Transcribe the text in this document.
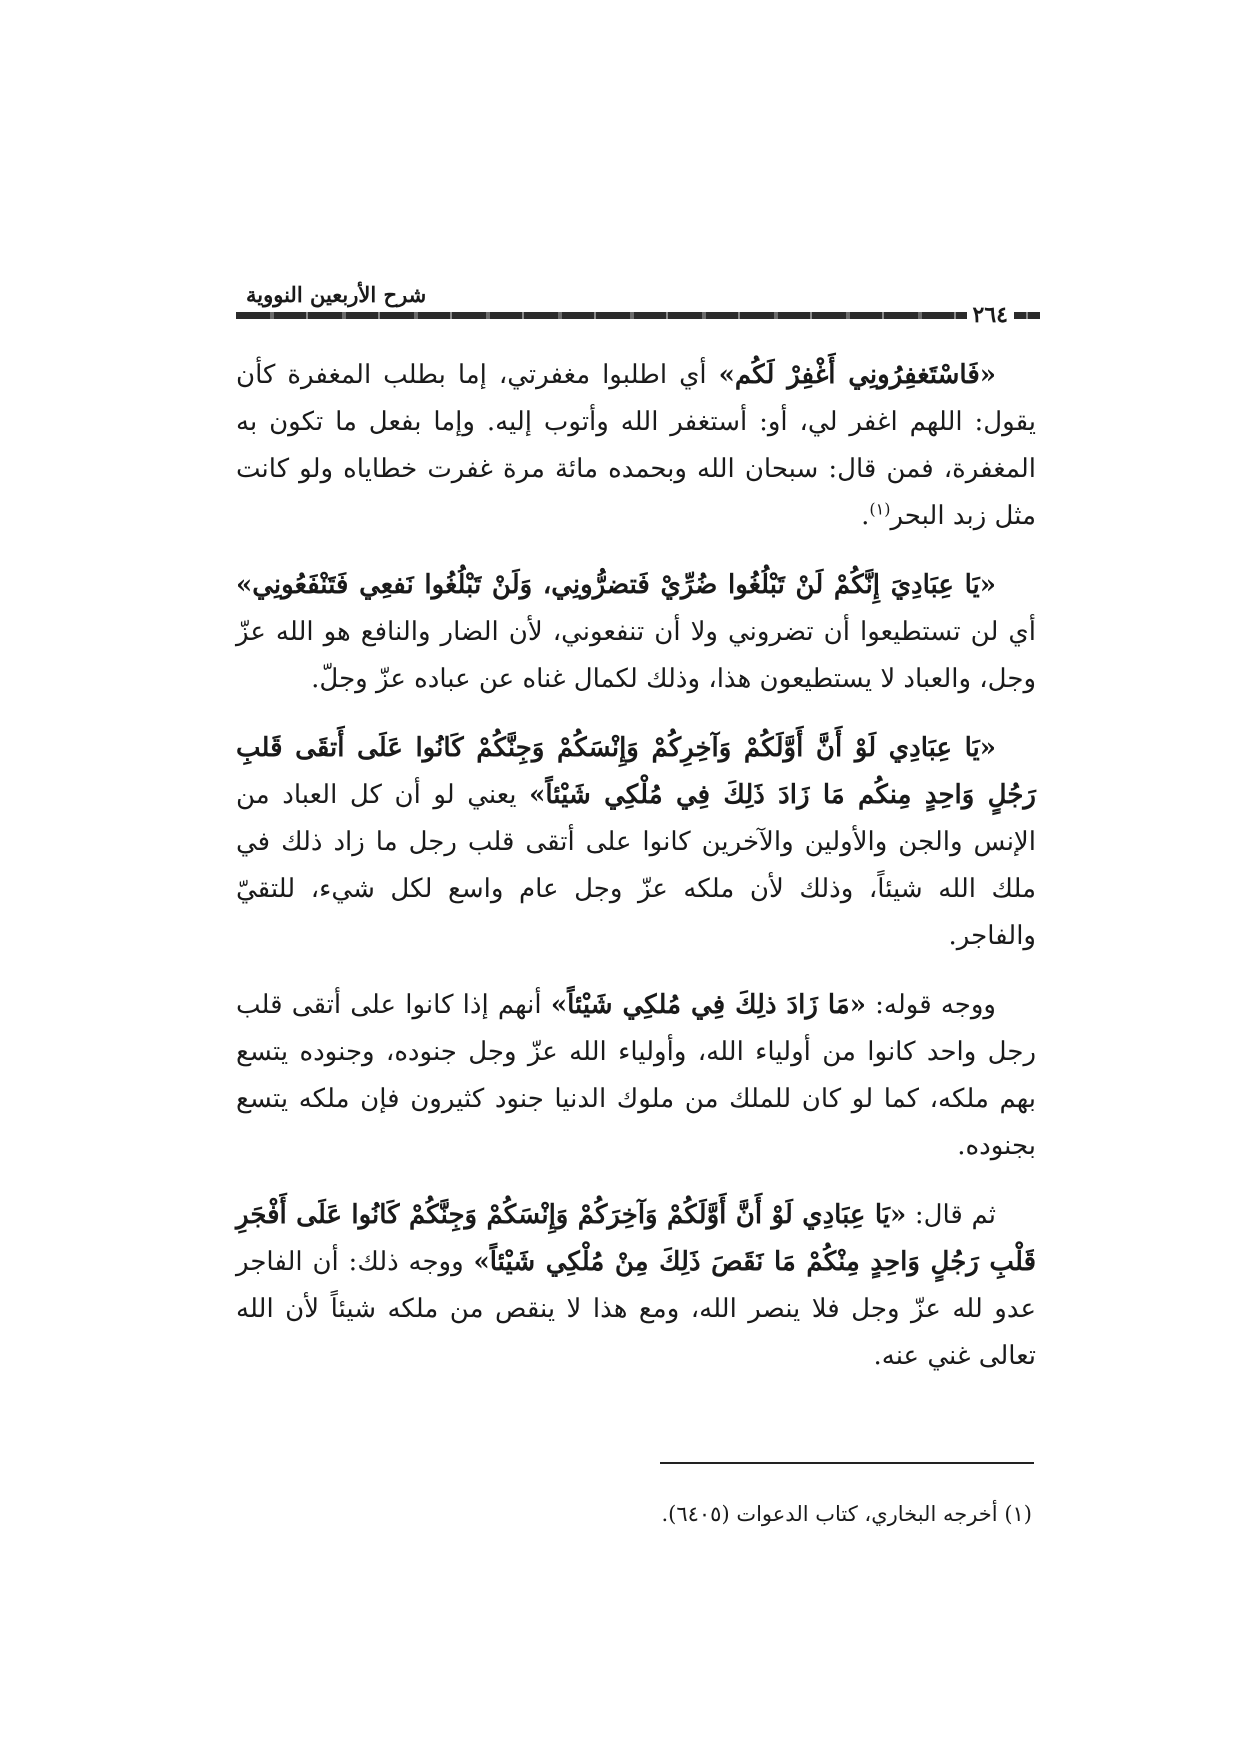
شرح الأربعين النووية
٢٦٤

«فَاسْتَغفِرُونِي أَغْفِرْ لَكُم» أي اطلبوا مغفرتي، إما بطلب المغفرة كأن يقول: اللهم اغفر لي، أو: أستغفر الله وأتوب إليه. وإما بفعل ما تكون به المغفرة، فمن قال: سبحان الله وبحمده مائة مرة غفرت خطاياه ولو كانت مثل زبد البحر$^{(١)}$.

«يَا عِبَادِيَ إِنَّكُمْ لَنْ تَبْلُغُوا ضُرِّيْ فَتضرُّونِي، وَلَنْ تَبْلُغُوا نَفعِي فَتَنْفَعُونِي» أي لن تستطيعوا أن تضروني ولا أن تنفعوني، لأن الضار والنافع هو الله عزّ وجل، والعباد لا يستطيعون هذا، وذلك لكمال غناه عن عباده عزّ وجلّ.

«يَا عِبَادِي لَوْ أَنَّ أَوَّلَكُمْ وَآخِرِكُمْ وَإِنْسَكُمْ وَجِنَّكُمْ كَانُوا عَلَى أَتقَى قَلبِ رَجُلٍ وَاحِدٍ مِنكُم مَا زَادَ ذَلِكَ فِي مُلْكِي شَيْئاً» يعني لو أن كل العباد من الإنس والجن والأولين والآخرين كانوا على أتقى قلب رجل ما زاد ذلك في ملك الله شيئاً، وذلك لأن ملكه عزّ وجل عام واسع لكل شيء، للتقيّ والفاجر.

ووجه قوله: «مَا زَادَ ذلِكَ فِي مُلكِي شَيْئاً» أنهم إذا كانوا على أتقى قلب رجل واحد كانوا من أولياء الله، وأولياء الله عزّ وجل جنوده، وجنوده يتسع بهم ملكه، كما لو كان للملك من ملوك الدنيا جنود كثيرون فإن ملكه يتسع بجنوده.

ثم قال: «يَا عِبَادِي لَوْ أَنَّ أَوَّلَكُمْ وَآخِرَكُمْ وَإِنْسَكُمْ وَجِنَّكُمْ كَانُوا عَلَى أَفْجَرِ قَلْبِ رَجُلٍ وَاحِدٍ مِنْكُمْ مَا نَقَصَ ذَلِكَ مِنْ مُلْكِي شَيْئاً» ووجه ذلك: أن الفاجر عدو لله عزّ وجل فلا ينصر الله، ومع هذا لا ينقص من ملكه شيئاً لأن الله تعالى غني عنه.

(١) أخرجه البخاري، كتاب الدعوات (٦٤٠٥).
